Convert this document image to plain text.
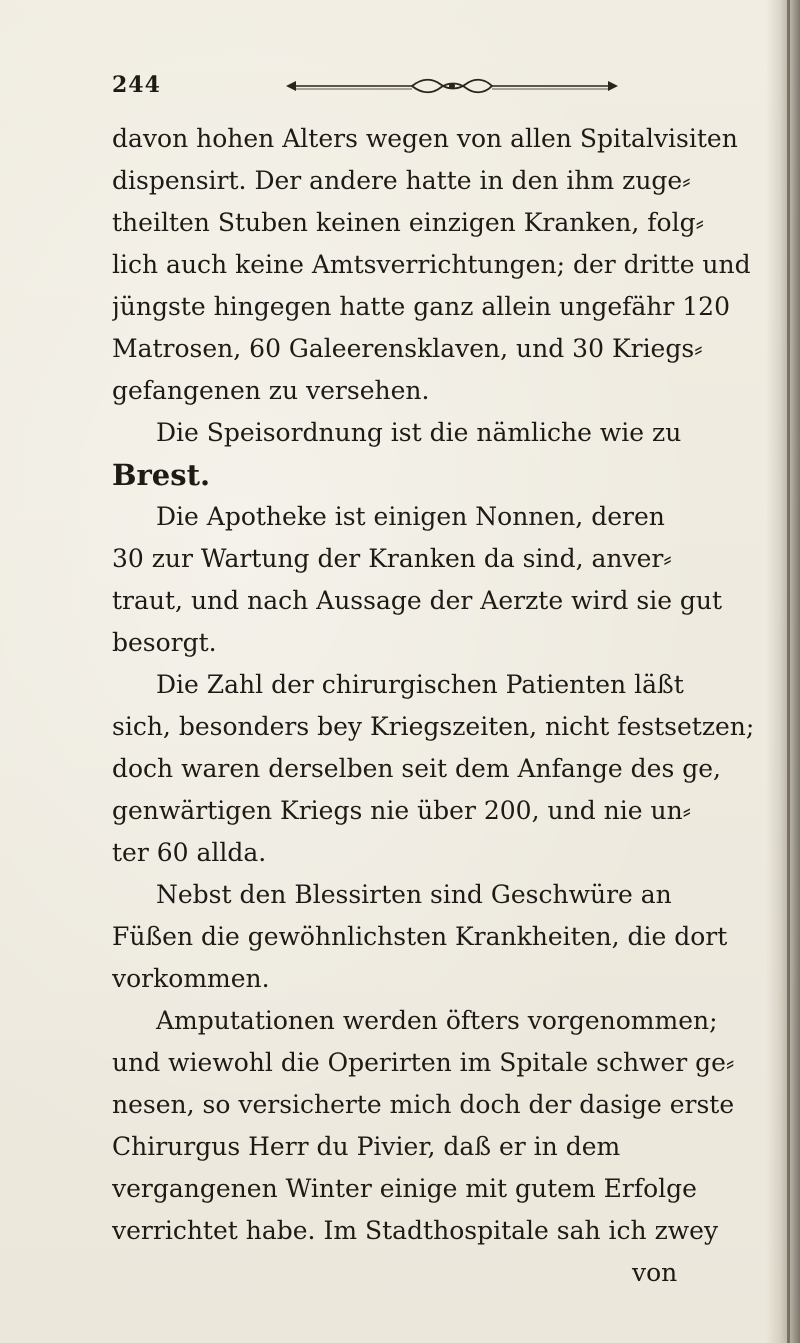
244
davon hohen Alters wegen von allen Spitalvisiten
dispensirt. Der andere hatte in den ihm zuge⸗
theilten Stuben keinen einzigen Kranken, folg⸗
lich auch keine Amtsverrichtungen; der dritte und
jüngste hingegen hatte ganz allein ungefähr 120
Matrosen, 60 Galeerensklaven, und 30 Kriegs⸗
gefangenen zu versehen.
Die Speisordnung ist die nämliche wie zu
Brest.
Die Apotheke ist einigen Nonnen, deren
30 zur Wartung der Kranken da sind, anver⸗
traut, und nach Aussage der Aerzte wird sie gut
besorgt.
Die Zahl der chirurgischen Patienten läßt
sich, besonders bey Kriegszeiten, nicht festsetzen;
doch waren derselben seit dem Anfange des ge,
genwärtigen Kriegs nie über 200, und nie un⸗
ter 60 allda.
Nebst den Blessirten sind Geschwüre an
Füßen die gewöhnlichsten Krankheiten, die dort
vorkommen.
Amputationen werden öfters vorgenommen;
und wiewohl die Operirten im Spitale schwer ge⸗
nesen, so versicherte mich doch der dasige erste
Chirurgus Herr du Pivier, daß er in dem
vergangenen Winter einige mit gutem Erfolge
verrichtet habe. Im Stadthospitale sah ich zwey
von
